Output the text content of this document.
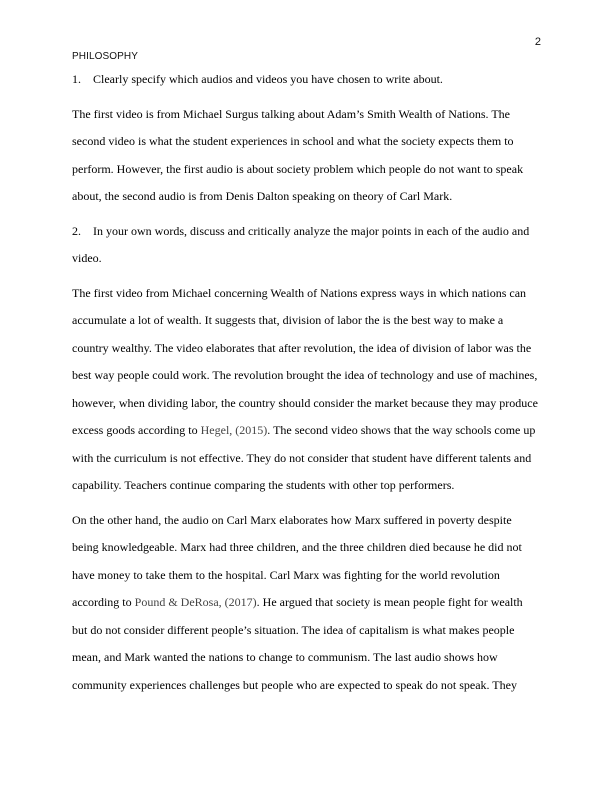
2
PHILOSOPHY
1. Clearly specify which audios and videos you have chosen to write about.
The first video is from Michael Surgus talking about Adam’s Smith Wealth of Nations. The
second video is what the student experiences in school and what the society expects them to
perform. However, the first audio is about society problem which people do not want to speak
about, the second audio is from Denis Dalton speaking on theory of Carl Mark.
2. In your own words, discuss and critically analyze the major points in each of the audio and
video.
The first video from Michael concerning Wealth of Nations express ways in which nations can
accumulate a lot of wealth. It suggests that, division of labor the is the best way to make a
country wealthy. The video elaborates that after revolution, the idea of division of labor was the
best way people could work. The revolution brought the idea of technology and use of machines,
however, when dividing labor, the country should consider the market because they may produce
excess goods according to Hegel, (2015). The second video shows that the way schools come up
with the curriculum is not effective. They do not consider that student have different talents and
capability. Teachers continue comparing the students with other top performers.
On the other hand, the audio on Carl Marx elaborates how Marx suffered in poverty despite
being knowledgeable. Marx had three children, and the three children died because he did not
have money to take them to the hospital. Carl Marx was fighting for the world revolution
according to Pound & DeRosa, (2017). He argued that society is mean people fight for wealth
but do not consider different people’s situation. The idea of capitalism is what makes people
mean, and Mark wanted the nations to change to communism. The last audio shows how
community experiences challenges but people who are expected to speak do not speak. They
